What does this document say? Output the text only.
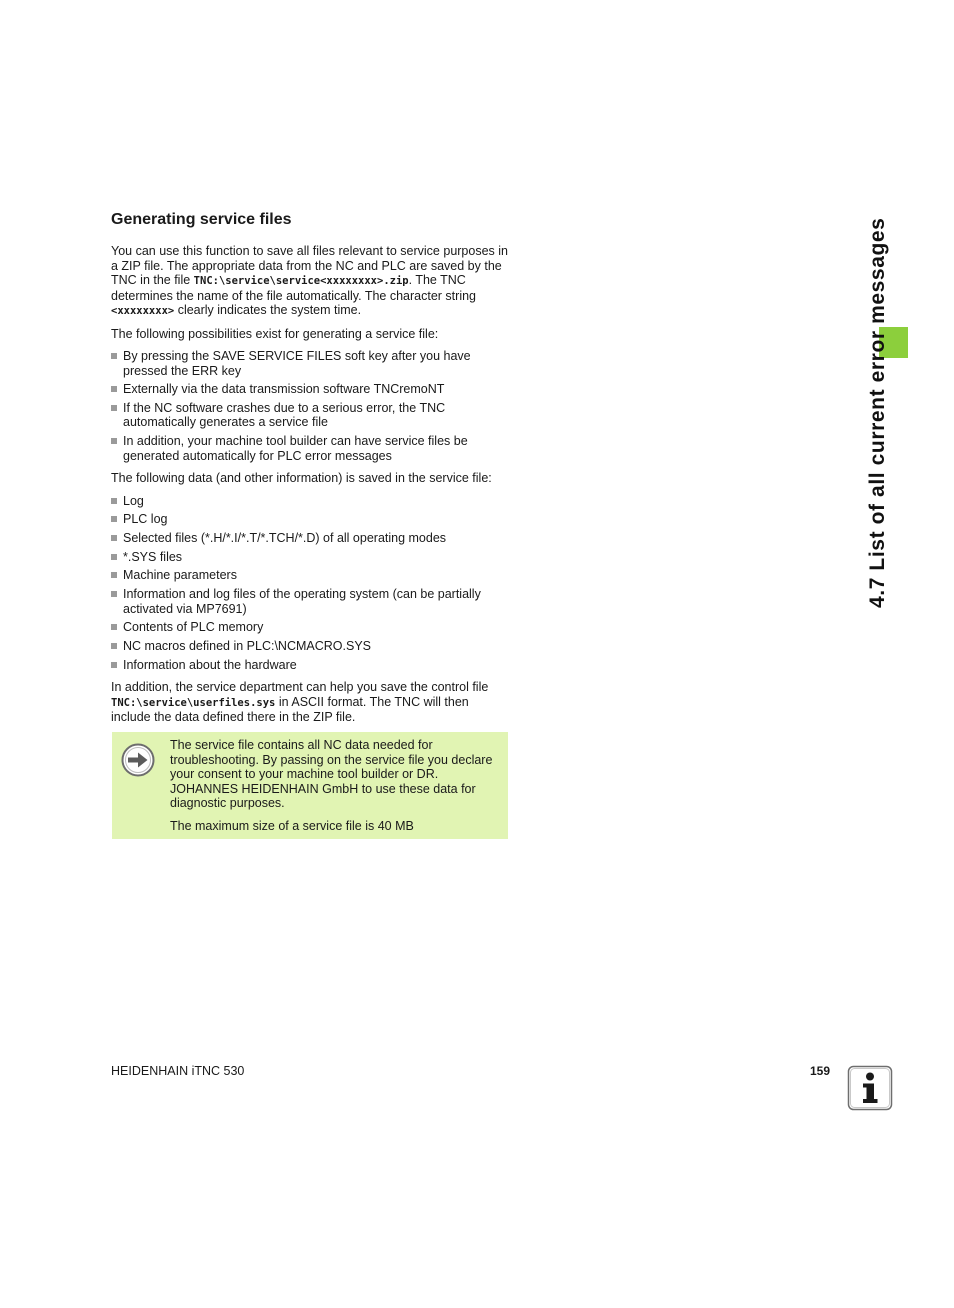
Generating service files

You can use this function to save all files relevant to service purposes in a ZIP file. The appropriate data from the NC and PLC are saved by the TNC in the file TNC:\service\service<xxxxxxxx>.zip. The TNC determines the name of the file automatically. The character string <xxxxxxxx> clearly indicates the system time.

The following possibilities exist for generating a service file:

By pressing the SAVE SERVICE FILES soft key after you have pressed the ERR key
Externally via the data transmission software TNCremoNT
If the NC software crashes due to a serious error, the TNC automatically generates a service file
In addition, your machine tool builder can have service files be generated automatically for PLC error messages

The following data (and other information) is saved in the service file:

Log
PLC log
Selected files (*.H/*.I/*.T/*.TCH/*.D) of all operating modes
*.SYS files
Machine parameters
Information and log files of the operating system (can be partially activated via MP7691)
Contents of PLC memory
NC macros defined in PLC:\NCMACRO.SYS
Information about the hardware

In addition, the service department can help you save the control file TNC:\service\userfiles.sys in ASCII format. The TNC will then include the data defined there in the ZIP file.

The service file contains all NC data needed for troubleshooting. By passing on the service file you declare your consent to your machine tool builder or DR. JOHANNES HEIDENHAIN GmbH to use these data for diagnostic purposes.

The maximum size of a service file is 40 MB

4.7 List of all current error messages
HEIDENHAIN iTNC 530	159
